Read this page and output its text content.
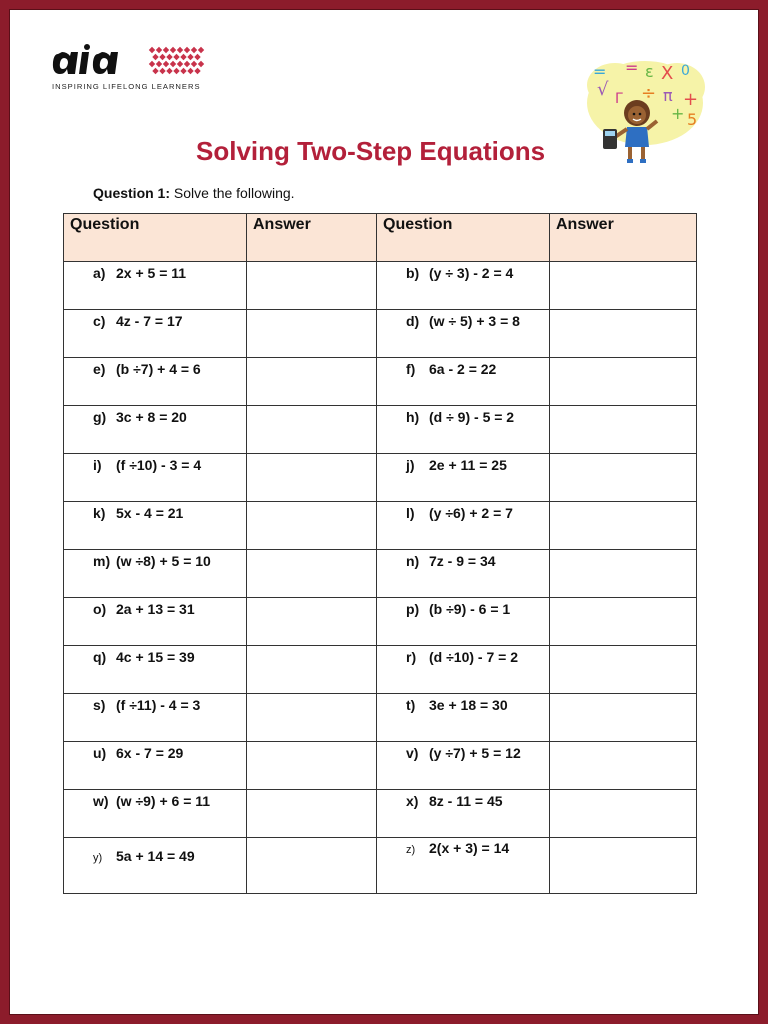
INSPIRING LIFELONG LEARNERS
= = ε X 0
√ Γ ÷ π +
+ 5
Solving Two-Step Equations
Question 1: Solve the following.
Question	Answer	Question	Answer

a) 2x + 5 = 11		b) (y ÷ 3) - 2 = 4	

c) 4z - 7 = 17		d) (w ÷ 5) + 3 = 8	

e) (b ÷7) + 4 = 6		f) 6a - 2 = 22	

g) 3c + 8 = 20		h) (d ÷ 9) - 5 = 2	

i) (f ÷10) - 3 = 4		j) 2e + 11 = 25	

k) 5x - 4 = 21		l) (y ÷6) + 2 = 7	

m) (w ÷8) + 5 = 10		n) 7z - 9 = 34	

o) 2a + 13 = 31		p) (b ÷9) - 6 = 1	

q) 4c + 15 = 39		r) (d ÷10) - 7 = 2	

s) (f ÷11) - 4 = 3		t) 3e + 18 = 30	

u) 6x - 7 = 29		v) (y ÷7) + 5 = 12	

w) (w ÷9) + 6 = 11		x) 8z - 11 = 45	

y) 5a + 14 = 49		z) 2(x + 3) = 14	
